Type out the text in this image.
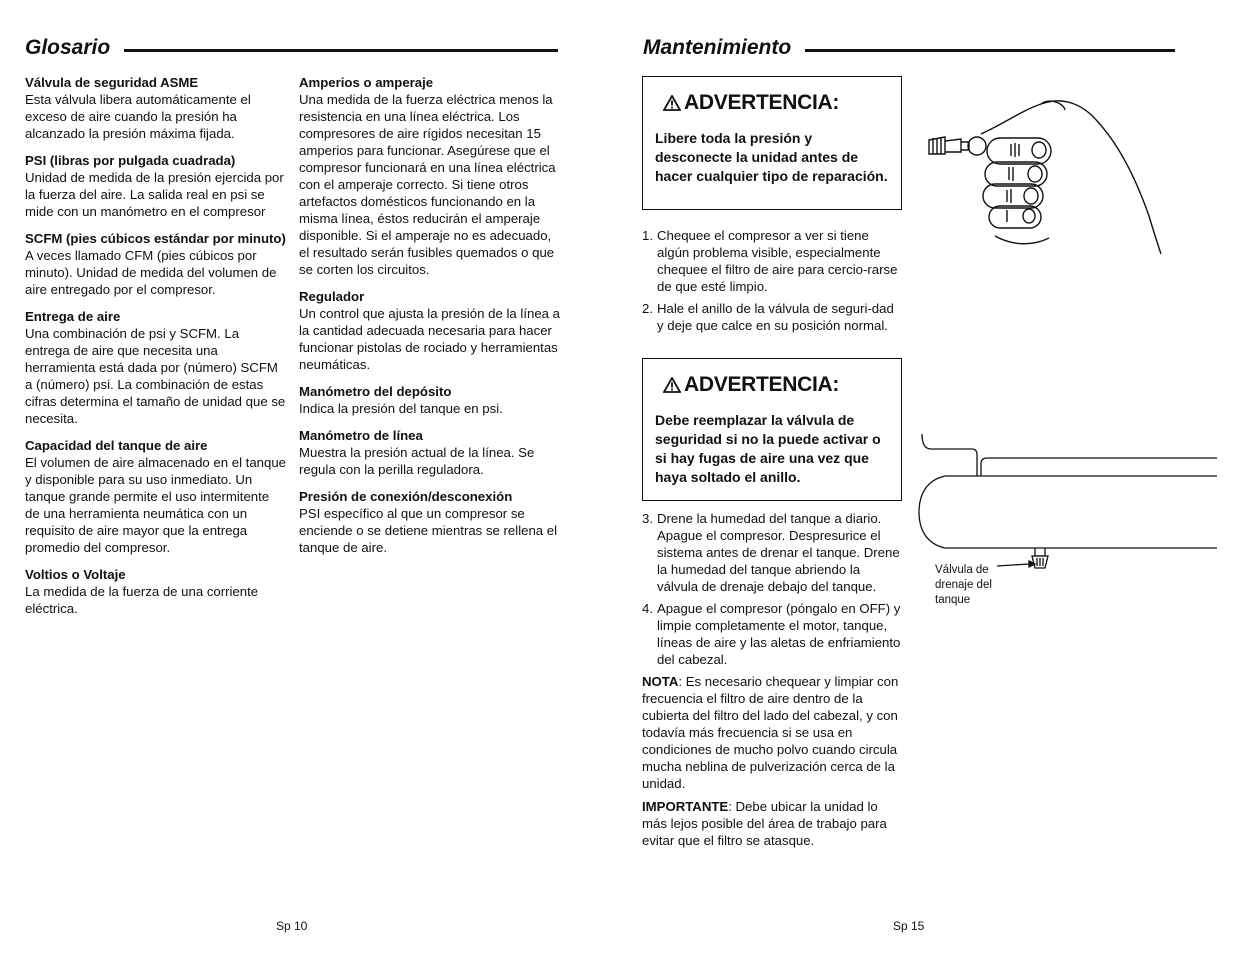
Glosario
Válvula de seguridad ASME
Esta válvula libera automáticamente el exceso de aire cuando la presión ha alcanzado la presión máxima fijada.
PSI (libras por pulgada cuadrada)
Unidad de medida de la presión ejercida por la fuerza del aire. La salida real en psi se mide con un manómetro en el compresor
SCFM (pies cúbicos estándar por minuto)
A veces llamado CFM (pies cúbicos por minuto). Unidad de medida del volumen de aire entregado por el compresor.
Entrega de aire
Una combinación de psi y SCFM. La entrega de aire que necesita una herramienta está dada por (número) SCFM a (número) psi. La combinación de estas cifras determina el tamaño de unidad que se necesita.
Capacidad del tanque de aire
El volumen de aire almacenado en el tanque y disponible para su uso inmediato. Un tanque grande permite el uso intermitente de una herramienta neumática con un requisito de aire mayor que la entrega promedio del compresor.
Voltios o Voltaje
La medida de la fuerza de una corriente eléctrica.
Amperios o amperaje
Una medida de la fuerza eléctrica menos la resistencia en una línea eléctrica. Los compresores de aire rígidos necesitan 15 amperios para funcionar. Asegúrese que el compresor funcionará en una línea eléctrica con el amperaje correcto. Si tiene otros artefactos domésticos funcionando en la misma línea, éstos reducirán el amperaje disponible. Si el amperaje no es adecuado, el resultado serán fusibles quemados o que se corten los circuitos.
Regulador
Un control que ajusta la presión de la línea a la cantidad adecuada necesaria para hacer funcionar pistolas de rociado y herramientas neumáticas.
Manómetro del depósito
Indica la presión del tanque en psi.
Manómetro de línea
Muestra la presión actual de la línea. Se regula con la perilla reguladora.
Presión de conexión/desconexión
PSI específico al que un compresor se enciende o se detiene mientras se rellena el tanque de aire.
Sp 10
Mantenimiento
ADVERTENCIA:
Libere toda la presión y desconecte la unidad antes de hacer cualquier tipo de reparación.
1. Chequee el compresor a ver si tiene algún problema visible, especialmente chequee el filtro de aire para cercio-rarse de que esté limpio.
2. Hale el anillo de la válvula de seguri-dad y deje que calce en su posición normal.
ADVERTENCIA:
Debe reemplazar la válvula de seguridad si no la puede activar o si hay fugas de aire una vez que haya soltado el anillo.
3. Drene la humedad del tanque a diario. Apague el compresor. Despresurice el sistema antes de drenar el tanque. Drene la humedad del tanque abriendo la válvula de drenaje debajo del tanque.
4. Apague el compresor (póngalo en OFF) y limpie completamente el motor, tanque, líneas de aire y las aletas de enfriamiento del cabezal.

NOTA: Es necesario chequear y limpiar con frecuencia el filtro de aire dentro de la cubierta del filtro del lado del cabezal, y con todavía más frecuencia si se usa en condiciones de mucho polvo cuando circula mucha neblina de pulverización cerca de la unidad.

IMPORTANTE: Debe ubicar la unidad lo más lejos posible del área de trabajo para evitar que el filtro se atasque.

Válvula de
drenaje del
tanque
Sp 15
